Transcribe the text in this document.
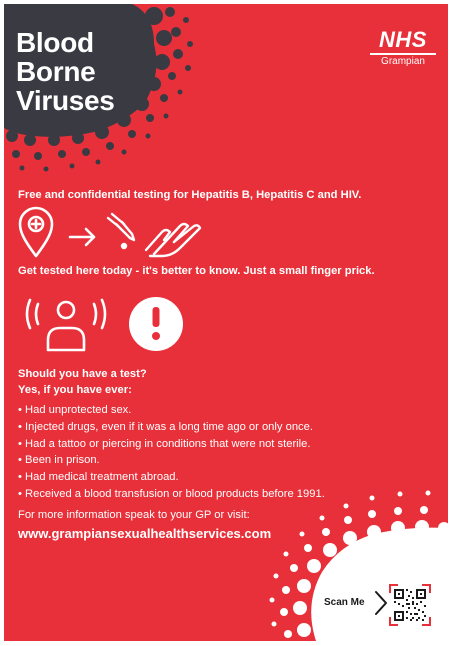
Blood
Borne
Viruses
NHS
Grampian
Free and confidential testing for Hepatitis B, Hepatitis C and HIV.
Get tested here today - it's better to know. Just a small finger prick.
Should you have a test?
Yes, if you have ever:
• Had unprotected sex.
• Injected drugs, even if it was a long time ago or only once.
• Had a tattoo or piercing in conditions that were not sterile.
• Been in prison.
• Had medical treatment abroad.
• Received a blood transfusion or blood products before 1991.
For more information speak to your GP or visit:
www.grampiansexualhealthservices.com
Scan Me
